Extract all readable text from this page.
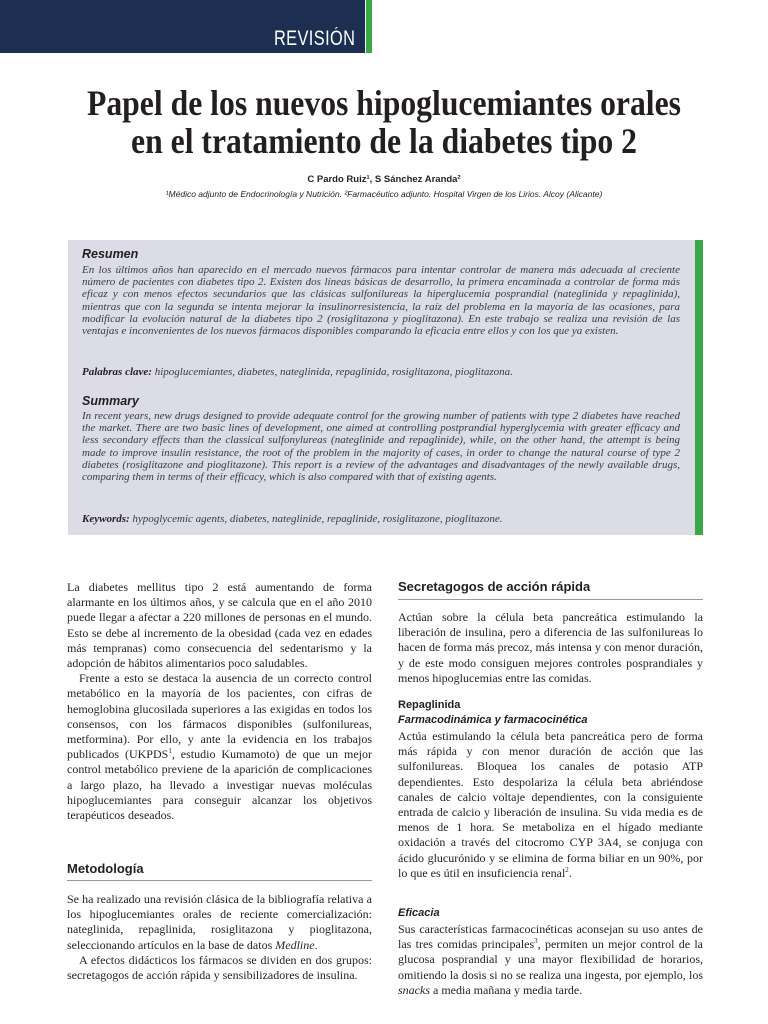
REVISIÓN
Papel de los nuevos hipoglucemiantes orales en el tratamiento de la diabetes tipo 2
C Pardo Ruiz¹, S Sánchez Aranda²
¹Médico adjunto de Endocrinología y Nutrición. ²Farmacéutico adjunto. Hospital Virgen de los Lirios. Alcoy (Alicante)
Resumen
En los últimos años han aparecido en el mercado nuevos fármacos para intentar controlar de manera más adecuada al creciente número de pacientes con diabetes tipo 2. Existen dos líneas básicas de desarrollo, la primera encaminada a controlar de forma más eficaz y con menos efectos secundarios que las clásicas sulfonilureas la hiperglucemia posprandial (nateglinida y repaglinida), mientras que con la segunda se intenta mejorar la insulinorresistencia, la raíz del problema en la mayoría de las ocasiones, para modificar la evolución natural de la diabetes tipo 2 (rosiglitazona y pioglitazona). En este trabajo se realiza una revisión de las ventajas e inconvenientes de los nuevos fármacos disponibles comparando la eficacia entre ellos y con los que ya existen.
Palabras clave: hipoglucemiantes, diabetes, nateglinida, repaglinida, rosiglitazona, pioglitazona.
Summary
In recent years, new drugs designed to provide adequate control for the growing number of patients with type 2 diabetes have reached the market. There are two basic lines of development, one aimed at controlling postprandial hyperglycemia with greater efficacy and less secondary effects than the classical sulfonylureas (nateglinide and repaglinide), while, on the other hand, the attempt is being made to improve insulin resistance, the root of the problem in the majority of cases, in order to change the natural course of type 2 diabetes (rosiglitazone and pioglitazone). This report is a review of the advantages and disadvantages of the newly available drugs, comparing them in terms of their efficacy, which is also compared with that of existing agents.
Keywords: hypoglycemic agents, diabetes, nateglinide, repaglinide, rosiglitazone, pioglitazone.

La diabetes mellitus tipo 2 está aumentando de forma alarmante en los últimos años, y se calcula que en el año 2010 puede llegar a afectar a 220 millones de personas en el mundo. Esto se debe al incremento de la obesidad (cada vez en edades más tempranas) como consecuencia del sedentarismo y la adopción de hábitos alimentarios poco saludables.

Frente a esto se destaca la ausencia de un correcto control metabólico en la mayoría de los pacientes, con cifras de hemoglobina glucosilada superiores a las exigidas en todos los consensos, con los fármacos disponibles (sulfonilureas, metformina). Por ello, y ante la evidencia en los trabajos publicados (UKPDS$^1$, estudio Kumamoto) de que un mejor control metabólico previene de la aparición de complicaciones a largo plazo, ha llevado a investigar nuevas moléculas hipoglucemiantes para conseguir alcanzar los objetivos terapéuticos deseados.

Metodología

Se ha realizado una revisión clásica de la bibliografía relativa a los hipoglucemiantes orales de reciente comercialización: nateglinida, repaglinida, rosiglitazona y pioglitazona, seleccionando artículos en la base de datos Medline.

A efectos didácticos los fármacos se dividen en dos grupos: secretagogos de acción rápida y sensibilizadores de insulina.

Secretagogos de acción rápida
Actúan sobre la célula beta pancreática estimulando la liberación de insulina, pero a diferencia de las sulfonilureas lo hacen de forma más precoz, más intensa y con menor duración, y de este modo consiguen mejores controles posprandiales y menos hipoglucemias entre las comidas.
Repaglinida
Farmacodinámica y farmacocinética

Actúa estimulando la célula beta pancreática pero de forma más rápida y con menor duración de acción que las sulfonilureas. Bloquea los canales de potasio ATP dependientes. Esto despolariza la célula beta abriéndose canales de calcio voltaje dependientes, con la consiguiente entrada de calcio y liberación de insulina. Su vida media es de menos de 1 hora. Se metaboliza en el hígado mediante oxidación a través del citocromo CYP 3A4, se conjuga con ácido glucurónido y se elimina de forma biliar en un 90%, por lo que es útil en insuficiencia renal$^2$.

Eficacia

Sus características farmacocinéticas aconsejan su uso antes de las tres comidas principales$^3$, permiten un mejor control de la glucosa posprandial y una mayor flexibilidad de horarios, omitiendo la dosis si no se realiza una ingesta, por ejemplo, los snacks a media mañana y media tarde.
